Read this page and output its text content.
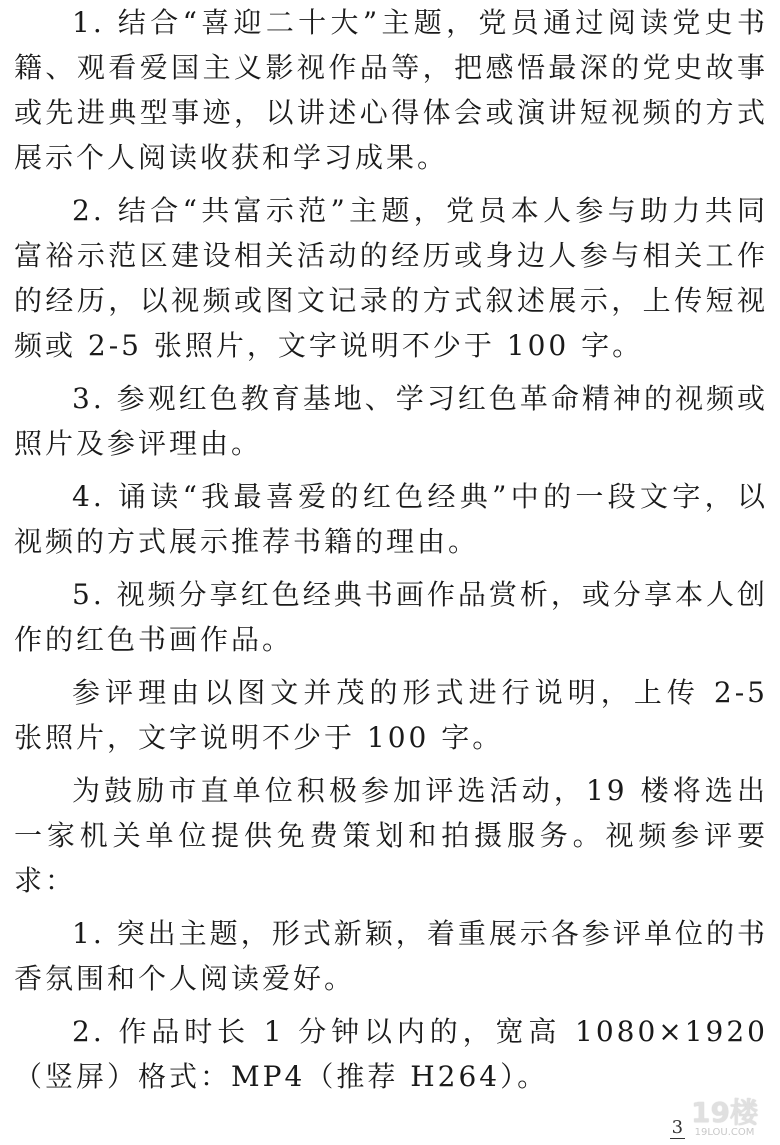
1. 结合“喜迎二十大”主题，党员通过阅读党史书籍、观看爱国主义影视作品等，把感悟最深的党史故事或先进典型事迹，以讲述心得体会或演讲短视频的方式展示个人阅读收获和学习成果。

2. 结合“共富示范”主题，党员本人参与助力共同富裕示范区建设相关活动的经历或身边人参与相关工作的经历，以视频或图文记录的方式叙述展示，上传短视频或 2-5 张照片，文字说明不少于 100 字。

3. 参观红色教育基地、学习红色革命精神的视频或照片及参评理由。

4. 诵读“我最喜爱的红色经典”中的一段文字，以视频的方式展示推荐书籍的理由。

5. 视频分享红色经典书画作品赏析，或分享本人创作的红色书画作品。

参评理由以图文并茂的形式进行说明，上传 2-5 张照片，文字说明不少于 100 字。

为鼓励市直单位积极参加评选活动，19 楼将选出一家机关单位提供免费策划和拍摄服务。视频参评要求：

1. 突出主题，形式新颖，着重展示各参评单位的书香氛围和个人阅读爱好。

2. 作品时长 1 分钟以内的，宽高 1080×1920（竖屏）格式：MP4（推荐 H264）。

3 19楼
19LOU.COM
